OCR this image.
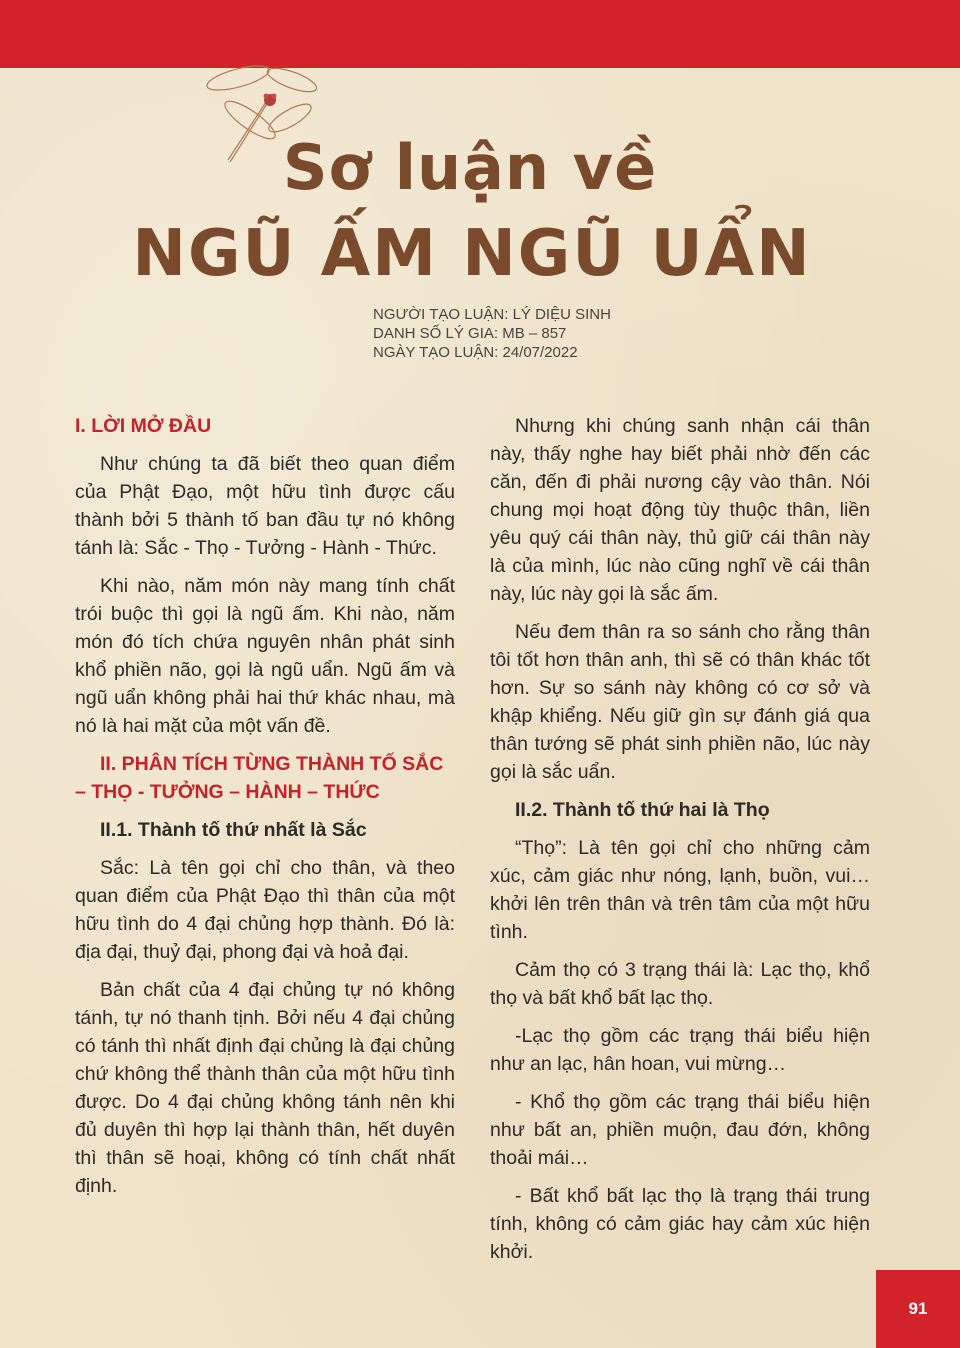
Sơ luận về
NGŨ ẤM NGŨ UẨN
NGƯỜI TẠO LUẬN: LÝ DIỆU SINH
DANH SỐ LÝ GIA: MB – 857
NGÀY TẠO LUẬN: 24/07/2022
I. LỜI MỞ ĐẦU

Như chúng ta đã biết theo quan điểm của Phật Đạo, một hữu tình được cấu thành bởi 5 thành tố ban đầu tự nó không tánh là: Sắc - Thọ - Tưởng - Hành - Thức.

Khi nào, năm món này mang tính chất trói buộc thì gọi là ngũ ấm. Khi nào, năm món đó tích chứa nguyên nhân phát sinh khổ phiền não, gọi là ngũ uẩn. Ngũ ấm và ngũ uẩn không phải hai thứ khác nhau, mà nó là hai mặt của một vấn đề.

II. PHÂN TÍCH TỪNG THÀNH TỐ SẮC – THỌ - TƯỞNG – HÀNH – THỨC
II.1. Thành tố thứ nhất là Sắc

Sắc: Là tên gọi chỉ cho thân, và theo quan điểm của Phật Đạo thì thân của một hữu tình do 4 đại chủng hợp thành. Đó là: địa đại, thuỷ đại, phong đại và hoả đại.

Bản chất của 4 đại chủng tự nó không tánh, tự nó thanh tịnh. Bởi nếu 4 đại chủng có tánh thì nhất định đại chủng là đại chủng chứ không thể thành thân của một hữu tình được. Do 4 đại chủng không tánh nên khi đủ duyên thì hợp lại thành thân, hết duyên thì thân sẽ hoại, không có tính chất nhất định.

Nhưng khi chúng sanh nhận cái thân này, thấy nghe hay biết phải nhờ đến các căn, đến đi phải nương cậy vào thân. Nói chung mọi hoạt động tùy thuộc thân, liền yêu quý cái thân này, thủ giữ cái thân này là của mình, lúc nào cũng nghĩ về cái thân này, lúc này gọi là sắc ấm.

Nếu đem thân ra so sánh cho rằng thân tôi tốt hơn thân anh, thì sẽ có thân khác tốt hơn. Sự so sánh này không có cơ sở và khập khiểng. Nếu giữ gìn sự đánh giá qua thân tướng sẽ phát sinh phiền não, lúc này gọi là sắc uẩn.

II.2. Thành tố thứ hai là Thọ

“Thọ”: Là tên gọi chỉ cho những cảm xúc, cảm giác như nóng, lạnh, buồn, vui… khởi lên trên thân và trên tâm của một hữu tình.

Cảm thọ có 3 trạng thái là: Lạc thọ, khổ thọ và bất khổ bất lạc thọ.

-Lạc thọ gồm các trạng thái biểu hiện như an lạc, hân hoan, vui mừng…

- Khổ thọ gồm các trạng thái biểu hiện như bất an, phiền muộn, đau đớn, không thoải mái…

- Bất khổ bất lạc thọ là trạng thái trung tính, không có cảm giác hay cảm xúc hiện khởi.

91
